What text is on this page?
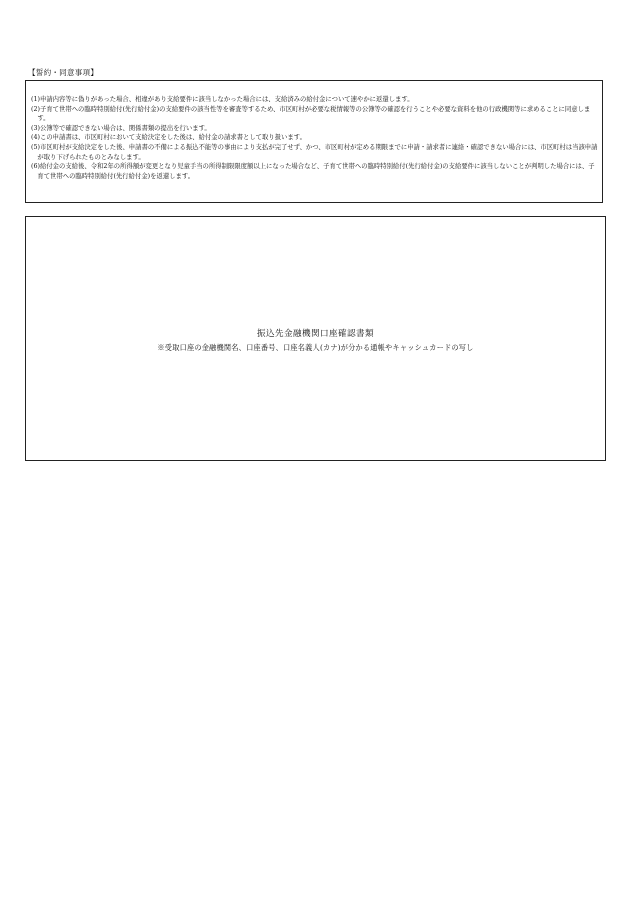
【誓約・同意事項】
(1)申請内容等に偽りがあった場合、相違があり支給要件に該当しなかった場合には、支給済みの給付金について速やかに返還します。
(2)子育て世帯への臨時特別給付(先行給付金)の支給要件の該当性等を審査等するため、市区町村が必要な税情報等の公簿等の確認を行うことや必要な資料を他の行政機関等に求めることに同意します。
(3)公簿等で確認できない場合は、関係書類の提出を行います。
(4)この申請書は、市区町村において支給決定をした後は、給付金の請求書として取り扱います。
(5)市区町村が支給決定をした後、申請書の不備による振込不能等の事由により支払が完了せず、かつ、市区町村が定める期限までに申請・請求者に連絡・確認できない場合には、市区町村は当該申請が取り下げられたものとみなします。
(6)給付金の支給後、令和2年の所得額が変更となり児童手当の所得制限限度額以上になった場合など、子育て世帯への臨時特別給付(先行給付金)の支給要件に該当しないことが判明した場合には、子育て世帯への臨時特別給付(先行給付金)を返還します。
振込先金融機関口座確認書類
※受取口座の金融機関名、口座番号、口座名義人(カナ)が分かる通帳やキャッシュカードの写し
